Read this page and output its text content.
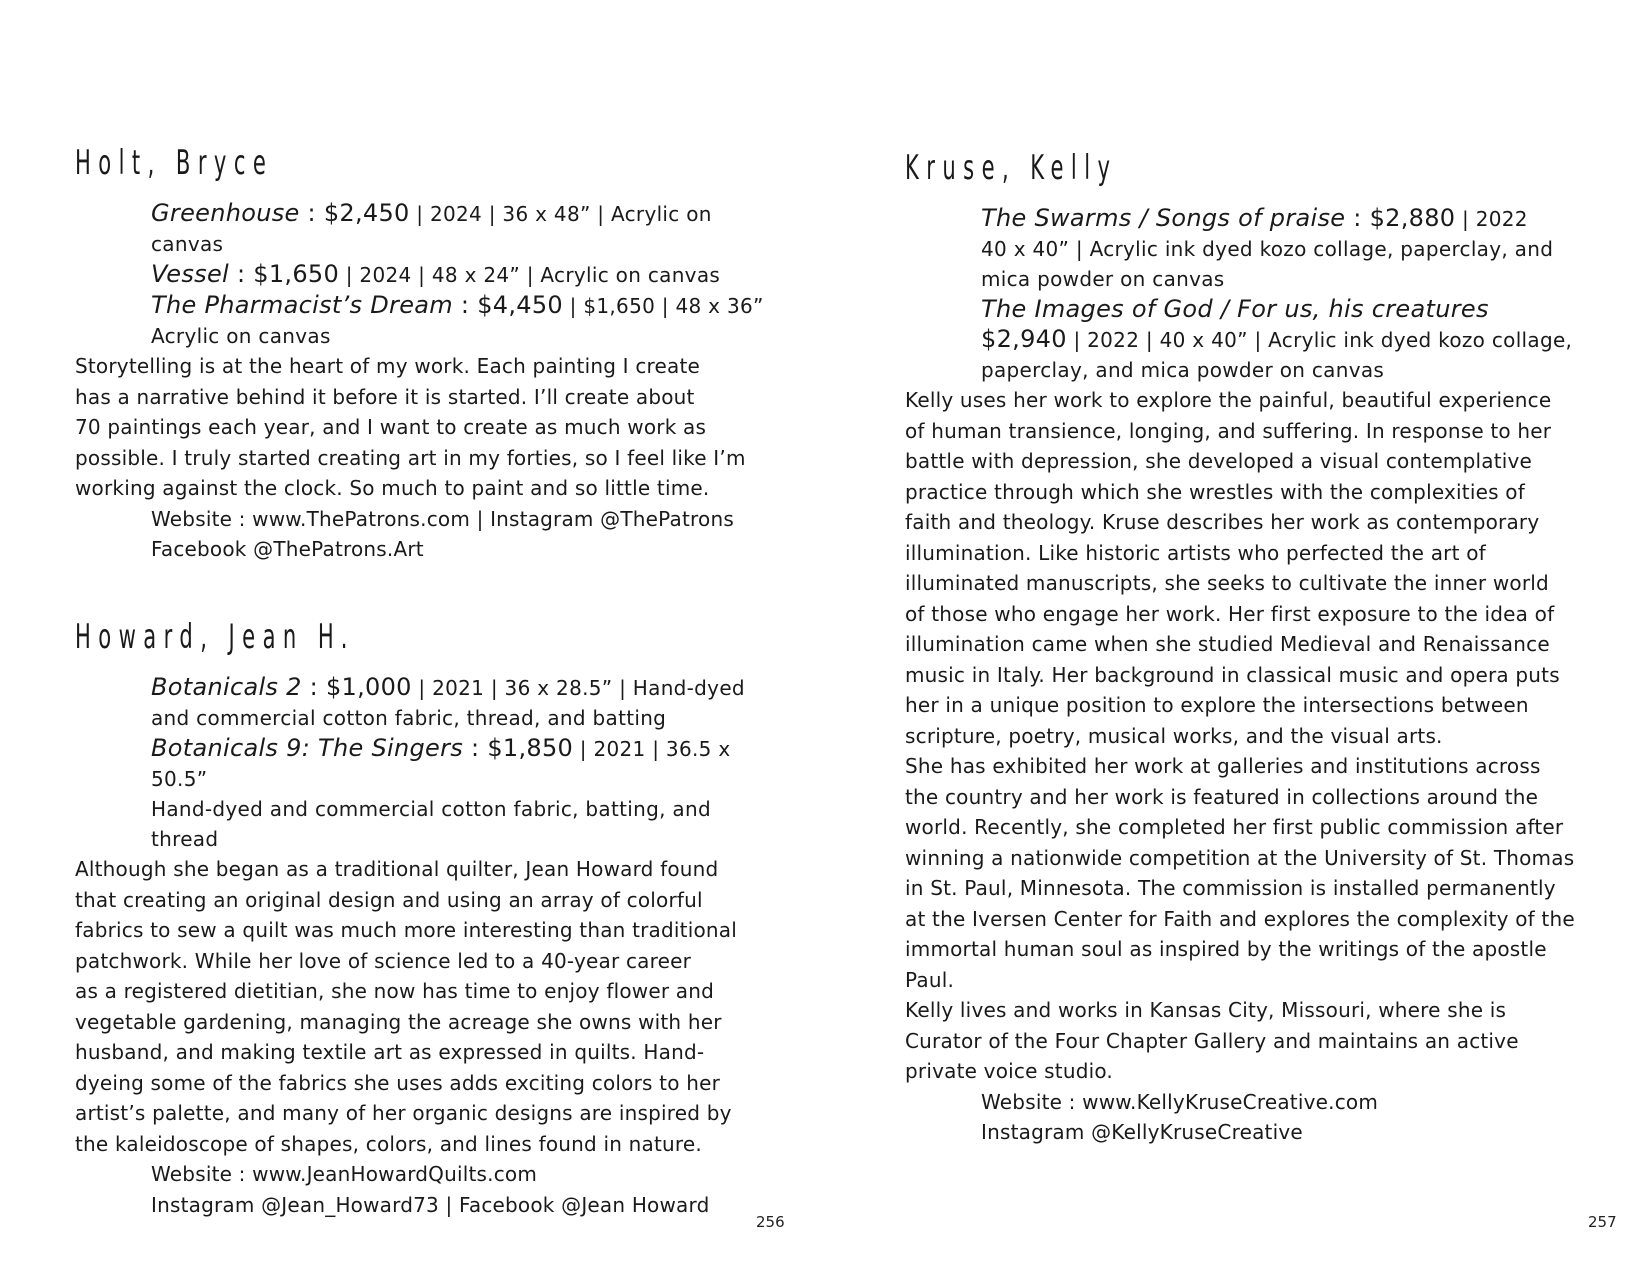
Holt, Bryce
Greenhouse : $2,450 | 2024 | 36 x 48” | Acrylic on
canvas
Vessel : $1,650 | 2024 | 48 x 24” | Acrylic on canvas
The Pharmacist’s Dream : $4,450 | $1,650 | 48 x 36”
Acrylic on canvas

Storytelling is at the heart of my work. Each painting I create

has a narrative behind it before it is started. I’ll create about

70 paintings each year, and I want to create as much work as

possible. I truly started creating art in my forties, so I feel like I’m

working against the clock. So much to paint and so little time.

Website : www.ThePatrons.com | Instagram @ThePatrons
Facebook @ThePatrons.Art
Howard, Jean H.
Botanicals 2 : $1,000 | 2021 | 36 x 28.5” | Hand-dyed
and commercial cotton fabric, thread, and batting
Botanicals 9: The Singers : $1,850 | 2021 | 36.5 x 50.5”
Hand-dyed and commercial cotton fabric, batting, and thread

Although she began as a traditional quilter, Jean Howard found

that creating an original design and using an array of colorful

fabrics to sew a quilt was much more interesting than traditional

patchwork. While her love of science led to a 40-year career

as a registered dietitian, she now has time to enjoy flower and

vegetable gardening, managing the acreage she owns with her

husband, and making textile art as expressed in quilts. Hand-

dyeing some of the fabrics she uses adds exciting colors to her

artist’s palette, and many of her organic designs are inspired by

the kaleidoscope of shapes, colors, and lines found in nature.

Website : www.JeanHowardQuilts.com
Instagram @Jean_Howard73 | Facebook @Jean Howard
256
Kruse, Kelly
The Swarms / Songs of praise : $2,880 | 2022
40 x 40” | Acrylic ink dyed kozo collage, paperclay, and
mica powder on canvas
The Images of God / For us, his creatures
$2,940 | 2022 | 40 x 40” | Acrylic ink dyed kozo collage,
paperclay, and mica powder on canvas

Kelly uses her work to explore the painful, beautiful experience

of human transience, longing, and suffering. In response to her

battle with depression, she developed a visual contemplative

practice through which she wrestles with the complexities of

faith and theology. Kruse describes her work as contemporary

illumination. Like historic artists who perfected the art of

illuminated manuscripts, she seeks to cultivate the inner world

of those who engage her work. Her first exposure to the idea of

illumination came when she studied Medieval and Renaissance

music in Italy. Her background in classical music and opera puts

her in a unique position to explore the intersections between

scripture, poetry, musical works, and the visual arts.

She has exhibited her work at galleries and institutions across

the country and her work is featured in collections around the

world. Recently, she completed her first public commission after

winning a nationwide competition at the University of St. Thomas

in St. Paul, Minnesota. The commission is installed permanently

at the Iversen Center for Faith and explores the complexity of the

immortal human soul as inspired by the writings of the apostle

Paul.

Kelly lives and works in Kansas City, Missouri, where she is

Curator of the Four Chapter Gallery and maintains an active

private voice studio.

Website : www.KellyKruseCreative.com
Instagram @KellyKruseCreative
257
